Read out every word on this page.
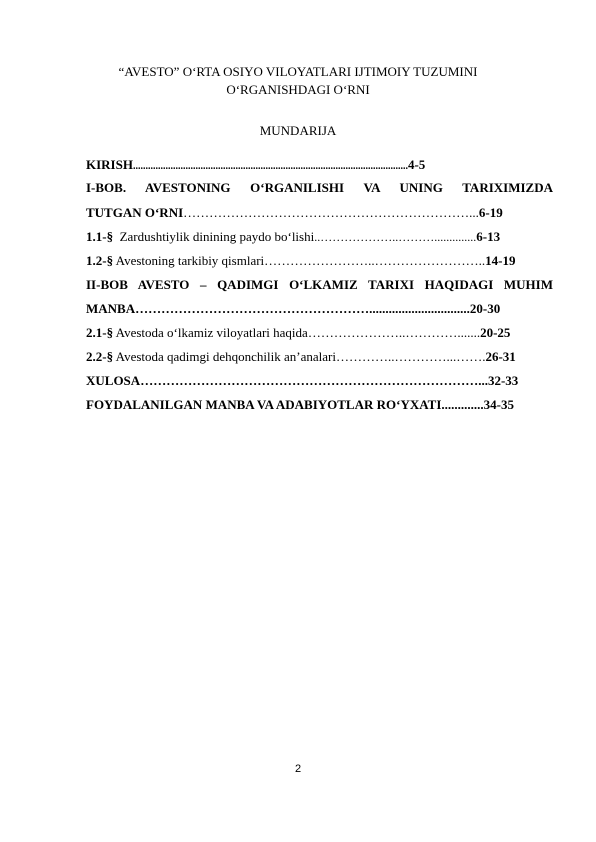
“AVESTO” O‘RTA OSIYO VILOYATLARI IJTIMOIY TUZUMINI
O‘RGANISHDAGI O‘RNI
MUNDARIJA
KIRISH..............................................................................................................4-5
I-BOB. AVESTONING O‘RGANILISHI VA UNING TARIXIMIZDA
TUTGAN O‘RNI…………………………………………………………...6-19
1.1-§ Zardushtiylik dinining paydo bo‘lishi..………………..………..............6-13
1.2-§ Avestoning tarkibiy qismlari……………………..……………………..14-19
II-BOB AVESTO – QADIMGI O‘LKAMIZ TARIXI HAQIDAGI MUHIM
MANBA………………………………………………...............................20-30
2.1-§ Avestoda o‘lkamiz viloyatlari haqida…………………..………….......20-25
2.2-§ Avestoda qadimgi dehqonchilik an’analari…………..…………...…….26-31
XULOSA……………………………………………………………………...32-33
FOYDALANILGAN MANBA VA ADABIYOTLAR RO‘YXATI.............34-35
2
